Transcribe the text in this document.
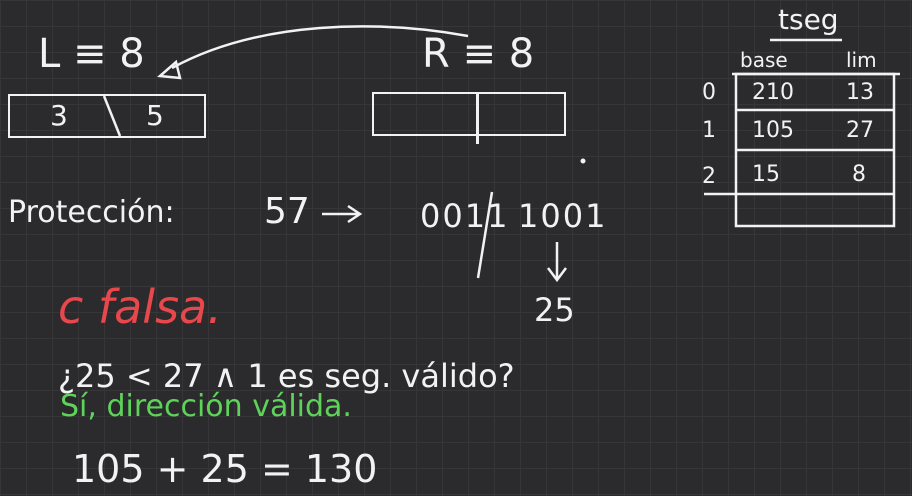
L ≡ 8
3	5
R ≡ 8
tseg
base	lim
0 210 13
1 105 27
2 15	8
Protección: 57	0011 1001
25
c falsa.
¿25 < 27 ∧ 1 es seg. válido?
Sí, dirección válida.
105 + 25 = 130
